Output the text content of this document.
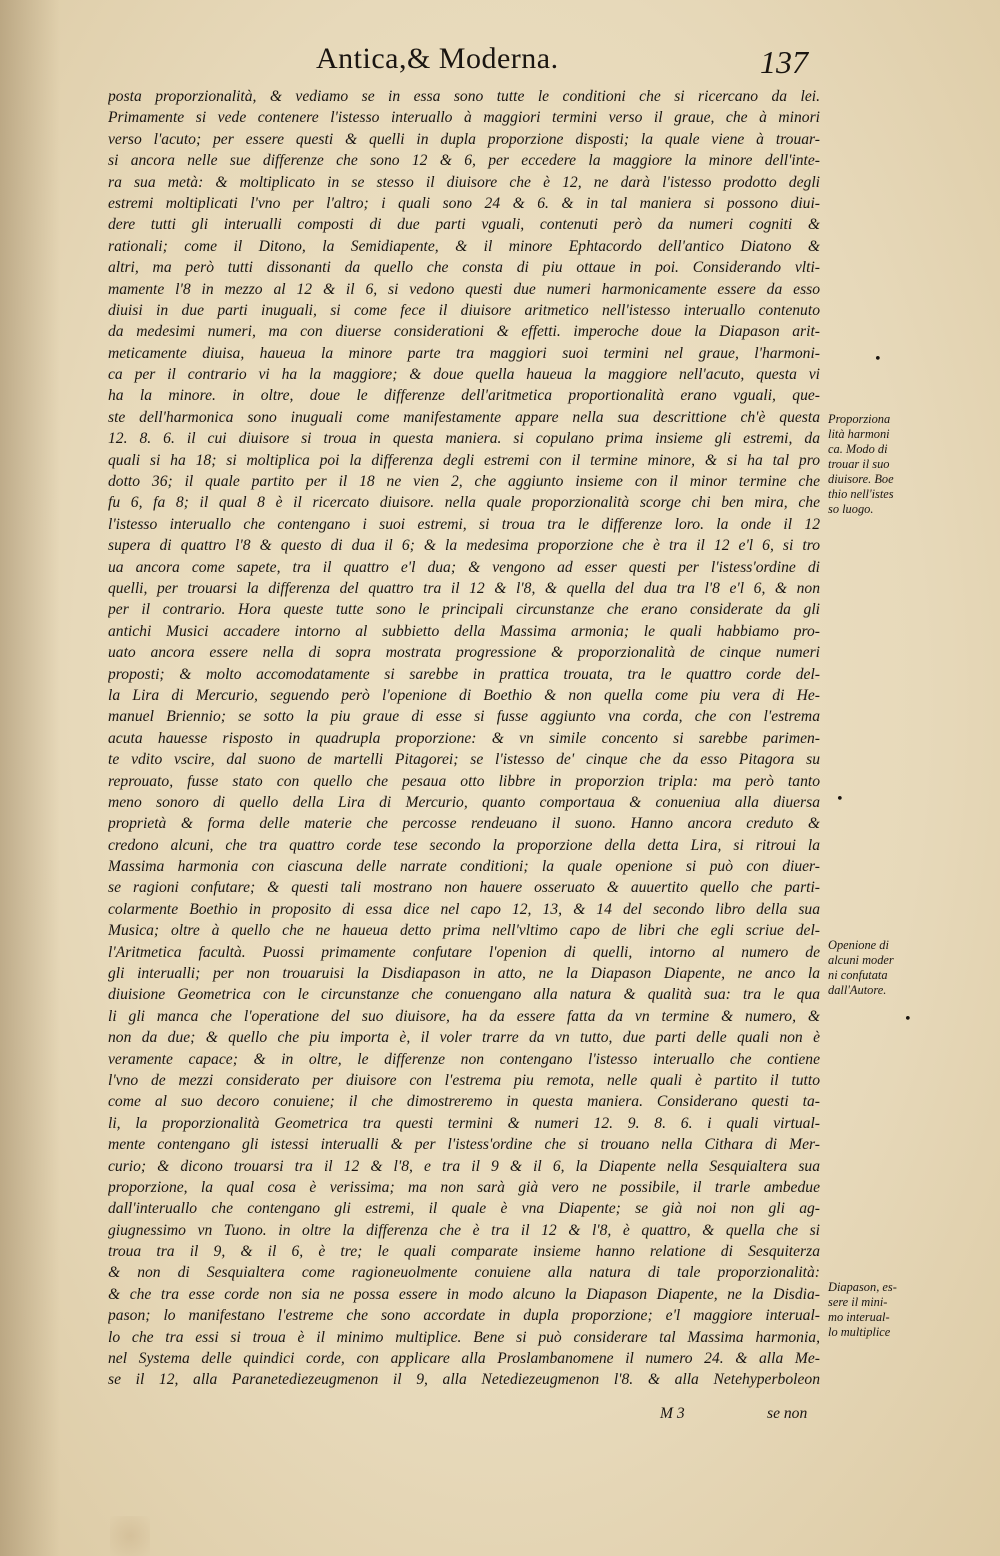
Antica,& Moderna.	137
posta proporzionalità, & vediamo se in essa sono tutte le conditioni che si ricercano da lei.
Primamente si vede contenere l'istesso interuallo à maggiori termini verso il graue, che à minori
verso l'acuto; per essere questi & quelli in dupla proporzione disposti; la quale viene à trouar-
si ancora nelle sue differenze che sono 12 & 6, per eccedere la maggiore la minore dell'inte-
ra sua metà: & moltiplicato in se stesso il diuisore che è 12, ne darà l'istesso prodotto degli
estremi moltiplicati l'vno per l'altro; i quali sono 24 & 6. & in tal maniera si possono diui-
dere tutti gli interualli composti di due parti vguali, contenuti però da numeri cogniti &
rationali; come il Ditono, la Semidiapente, & il minore Ephtacordo dell'antico Diatono &
altri, ma però tutti dissonanti da quello che consta di piu ottaue in poi. Considerando vlti-
mamente l'8 in mezzo al 12 & il 6, si vedono questi due numeri harmonicamente essere da esso
diuisi in due parti inuguali, si come fece il diuisore aritmetico nell'istesso interuallo contenuto
da medesimi numeri, ma con diuerse considerationi & effetti. imperoche doue la Diapason arit-
meticamente diuisa, haueua la minore parte tra maggiori suoi termini nel graue, l'harmoni-
ca per il contrario vi ha la maggiore; & doue quella haueua la maggiore nell'acuto, questa vi
ha la minore. in oltre, doue le differenze dell'aritmetica proportionalità erano vguali, que-
ste dell'harmonica sono inuguali come manifestamente appare nella sua descrittione ch'è questa
12. 8. 6. il cui diuisore si troua in questa maniera. si copulano prima insieme gli estremi, da
quali si ha 18; si moltiplica poi la differenza degli estremi con il termine minore, & si ha tal pro
dotto 36; il quale partito per il 18 ne vien 2, che aggiunto insieme con il minor termine che
fu 6, fa 8; il qual 8 è il ricercato diuisore. nella quale proporzionalità scorge chi ben mira, che
l'istesso interuallo che contengano i suoi estremi, si troua tra le differenze loro. la onde il 12
supera di quattro l'8 & questo di dua il 6; & la medesima proporzione che è tra il 12 e'l 6, si tro
ua ancora come sapete, tra il quattro e'l dua; & vengono ad esser questi per l'istess'ordine di
quelli, per trouarsi la differenza del quattro tra il 12 & l'8, & quella del dua tra l'8 e'l 6, & non
per il contrario. Hora queste tutte sono le principali circunstanze che erano considerate da gli
antichi Musici accadere intorno al subbietto della Massima armonia; le quali habbiamo pro-
uato ancora essere nella di sopra mostrata progressione & proporzionalità de cinque numeri
proposti; & molto accomodatamente si sarebbe in prattica trouata, tra le quattro corde del-
la Lira di Mercurio, seguendo però l'openione di Boethio & non quella come piu vera di He-
manuel Briennio; se sotto la piu graue di esse si fusse aggiunto vna corda, che con l'estrema
acuta hauesse risposto in quadrupla proporzione: & vn simile concento si sarebbe parimen-
te vdito vscire, dal suono de martelli Pitagorei; se l'istesso de' cinque che da esso Pitagora su
reprouato, fusse stato con quello che pesaua otto libbre in proporzion tripla: ma però tanto
meno sonoro di quello della Lira di Mercurio, quanto comportaua & conueniua alla diuersa
proprietà & forma delle materie che percosse rendeuano il suono. Hanno ancora creduto &
credono alcuni, che tra quattro corde tese secondo la proporzione della detta Lira, si ritroui la
Massima harmonia con ciascuna delle narrate conditioni; la quale openione si può con diuer-
se ragioni confutare; & questi tali mostrano non hauere osseruato & auuertito quello che parti-
colarmente Boethio in proposito di essa dice nel capo 12, 13, & 14 del secondo libro della sua
Musica; oltre à quello che ne haueua detto prima nell'vltimo capo de libri che egli scriue del-
l'Aritmetica facultà. Puossi primamente confutare l'openion di quelli, intorno al numero de
gli interualli; per non trouaruisi la Disdiapason in atto, ne la Diapason Diapente, ne anco la
diuisione Geometrica con le circunstanze che conuengano alla natura & qualità sua: tra le qua
li gli manca che l'operatione del suo diuisore, ha da essere fatta da vn termine & numero, &
non da due; & quello che piu importa è, il voler trarre da vn tutto, due parti delle quali non è
veramente capace; & in oltre, le differenze non contengano l'istesso interuallo che contiene
l'vno de mezzi considerato per diuisore con l'estrema piu remota, nelle quali è partito il tutto
come al suo decoro conuiene; il che dimostreremo in questa maniera. Considerano questi ta-
li, la proporzionalità Geometrica tra questi termini & numeri 12. 9. 8. 6. i quali virtual-
mente contengano gli istessi interualli & per l'istess'ordine che si trouano nella Cithara di Mer-
curio; & dicono trouarsi tra il 12 & l'8, e tra il 9 & il 6, la Diapente nella Sesquialtera sua
proporzione, la qual cosa è verissima; ma non sarà già vero ne possibile, il trarle ambedue
dall'interuallo che contengano gli estremi, il quale è vna Diapente; se già noi non gli ag-
giugnessimo vn Tuono. in oltre la differenza che è tra il 12 & l'8, è quattro, & quella che si
troua tra il 9, & il 6, è tre; le quali comparate insieme hanno relatione di Sesquiterza
& non di Sesquialtera come ragioneuolmente conuiene alla natura di tale proporzionalità:
& che tra esse corde non sia ne possa essere in modo alcuno la Diapason Diapente, ne la Disdia-
pason; lo manifestano l'estreme che sono accordate in dupla proporzione; e'l maggiore interual-
lo che tra essi si troua è il minimo multiplice. Bene si può considerare tal Massima harmonia,
nel Systema delle quindici corde, con applicare alla Proslambanomene il numero 24. & alla Me-
se il 12, alla Paranetediezeugmenon il 9, alla Netediezeugmenon l'8. & alla Netehyperboleon
M 3	se non
Proporziona
lità harmoni
ca. Modo di
trouar il suo
diuisore. Boe
thio nell'istes
so luogo.
Openione di
alcuni moder
ni confutata
dall'Autore.
Diapason, es-
sere il mini-
mo interual-
lo multiplice
•
•
•
